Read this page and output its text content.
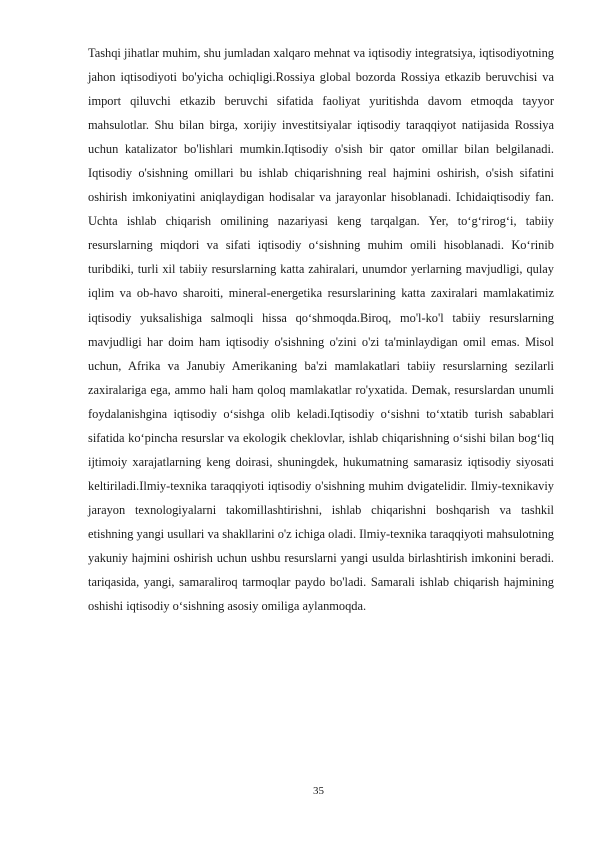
Tashqi jihatlar muhim, shu jumladan xalqaro mehnat va iqtisodiy integratsiya, iqtisodiyotning jahon iqtisodiyoti bo'yicha ochiqligi.Rossiya global bozorda Rossiya etkazib beruvchisi va import qiluvchi etkazib beruvchi sifatida faoliyat yuritishda davom etmoqda tayyor mahsulotlar. Shu bilan birga, xorijiy investitsiyalar iqtisodiy taraqqiyot natijasida Rossiya uchun katalizator bo'lishlari mumkin.Iqtisodiy o'sish bir qator omillar bilan belgilanadi. Iqtisodiy o'sishning omillari bu ishlab chiqarishning real hajmini oshirish, o'sish sifatini oshirish imkoniyatini aniqlaydigan hodisalar va jarayonlar hisoblanadi. Ichidaiqtisodiy fan. Uchta ishlab chiqarish omilining nazariyasi keng tarqalgan. Yer, to‘g‘rirog‘i, tabiiy resurslarning miqdori va sifati iqtisodiy o‘sishning muhim omili hisoblanadi. Ko‘rinib turibdiki, turli xil tabiiy resurslarning katta zahiralari, unumdor yerlarning mavjudligi, qulay iqlim va ob-havo sharoiti, mineral-energetika resurslarining katta zaxiralari mamlakatimiz iqtisodiy yuksalishiga salmoqli hissa qo‘shmoqda.Biroq, mo'l-ko'l tabiiy resurslarning mavjudligi har doim ham iqtisodiy o'sishning o'zini o'zi ta'minlaydigan omil emas. Misol uchun, Afrika va Janubiy Amerikaning ba'zi mamlakatlari tabiiy resurslarning sezilarli zaxiralariga ega, ammo hali ham qoloq mamlakatlar ro'yxatida. Demak, resurslardan unumli foydalanishgina iqtisodiy o‘sishga olib keladi.Iqtisodiy o‘sishni to‘xtatib turish sabablari sifatida ko‘pincha resurslar va ekologik cheklovlar, ishlab chiqarishning o‘sishi bilan bog‘liq ijtimoiy xarajatlarning keng doirasi, shuningdek, hukumatning samarasiz iqtisodiy siyosati keltiriladi.Ilmiy-texnika taraqqiyoti iqtisodiy o'sishning muhim dvigatelidir. Ilmiy-texnikaviy jarayon texnologiyalarni takomillashtirishni, ishlab chiqarishni boshqarish va tashkil etishning yangi usullari va shakllarini o'z ichiga oladi. Ilmiy-texnika taraqqiyoti mahsulotning yakuniy hajmini oshirish uchun ushbu resurslarni yangi usulda birlashtirish imkonini beradi. tariqasida, yangi, samaraliroq tarmoqlar paydo bo'ladi. Samarali ishlab chiqarish hajmining oshishi iqtisodiy o‘sishning asosiy omiliga aylanmoqda.

35
